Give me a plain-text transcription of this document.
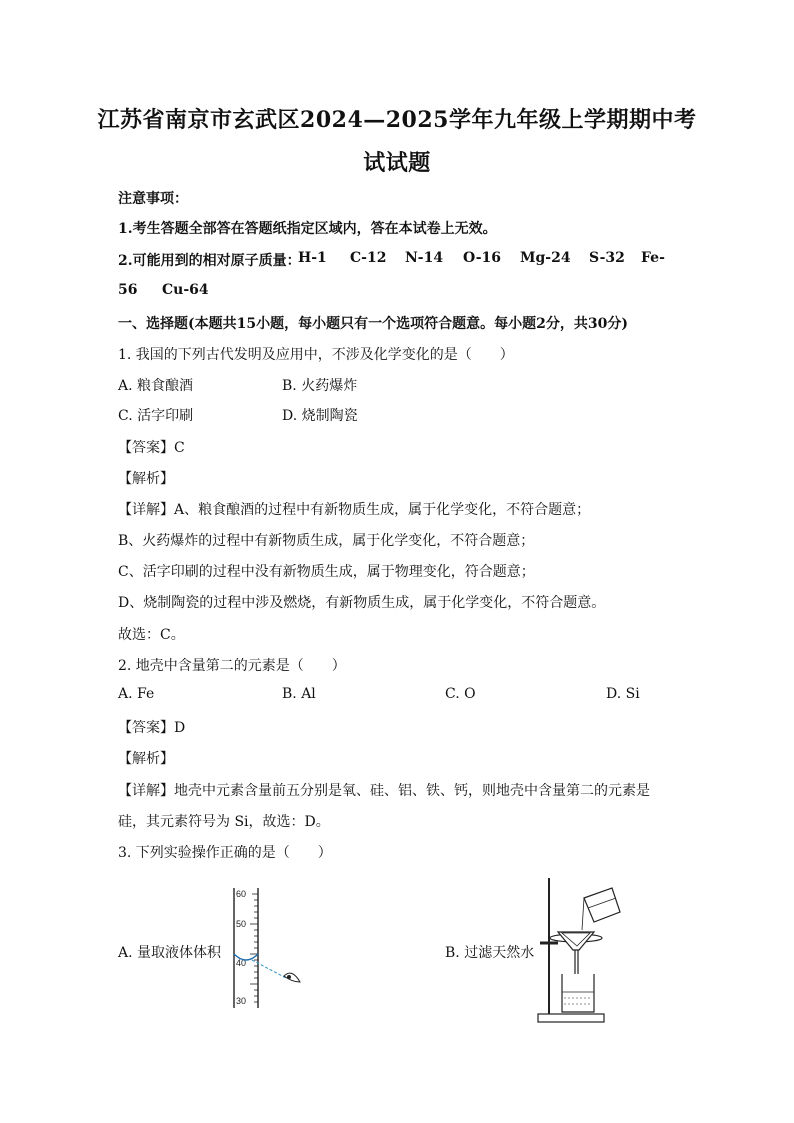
江苏省南京市玄武区2024—2025学年九年级上学期期中考
试试题
注意事项：
1.考生答题全部答在答题纸指定区域内，答在本试卷上无效。
2.可能用到的相对原子质量：
H-1 C-12 N-14 O-16 Mg-24 S-32 Fe-
56 Cu-64
一、选择题(本题共15小题，每小题只有一个选项符合题意。每小题2分，共30分)
1. 我国的下列古代发明及应用中，不涉及化学变化的是（　　）
A. 粮食酿酒	B. 火药爆炸
C. 活字印刷	D. 烧制陶瓷
【答案】C
【解析】
【详解】A、粮食酿酒的过程中有新物质生成，属于化学变化，不符合题意；
B、火药爆炸的过程中有新物质生成，属于化学变化，不符合题意；
C、活字印刷的过程中没有新物质生成，属于物理变化，符合题意；
D、烧制陶瓷的过程中涉及燃烧，有新物质生成，属于化学变化，不符合题意。
故选：C。
2. 地壳中含量第二的元素是（　　）
A. Fe	B. Al	C. O	D. Si
【答案】D
【解析】
【详解】地壳中元素含量前五分别是氧、硅、铝、铁、钙，则地壳中含量第二的元素是
硅，其元素符号为 Si，故选：D。
3. 下列实验操作正确的是（　　）
A. 量取液体体积	B. 过滤天然水
60
50
40
30
